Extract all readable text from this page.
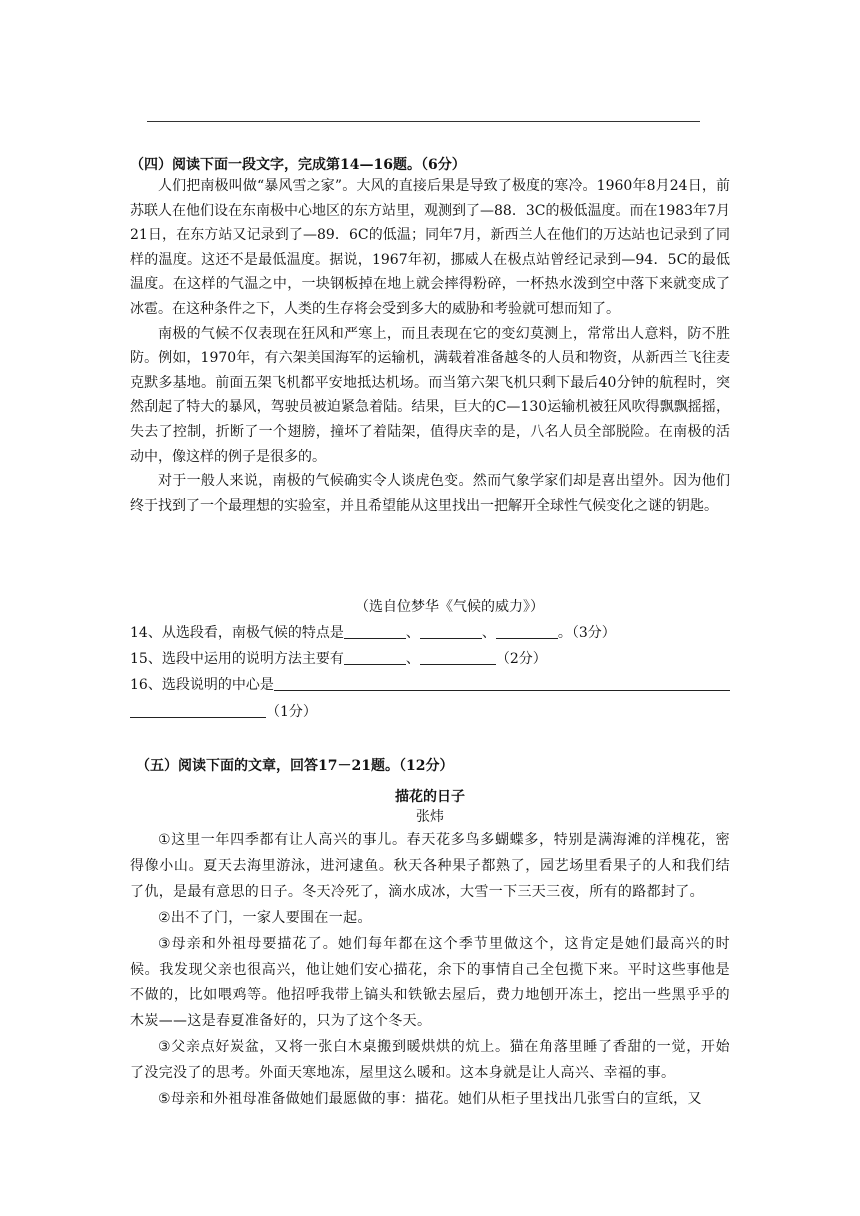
（四）阅读下面一段文字，完成第14—16题。（6分）

人们把南极叫做“暴风雪之家”。大风的直接后果是导致了极度的寒冷。1960年8月24日，前苏联人在他们设在东南极中心地区的东方站里，观测到了—88．3C的极低温度。而在1983年7月21日，在东方站又记录到了—89．6C的低温；同年7月，新西兰人在他们的万达站也记录到了同样的温度。这还不是最低温度。据说，1967年初，挪威人在极点站曾经记录到—94．5C的最低温度。在这样的气温之中，一块钢板掉在地上就会摔得粉碎，一杯热水泼到空中落下来就变成了冰雹。在这种条件之下，人类的生存将会受到多大的威胁和考验就可想而知了。

南极的气候不仅表现在狂风和严寒上，而且表现在它的变幻莫测上，常常出人意料，防不胜防。例如，1970年，有六架美国海军的运输机，满载着准备越冬的人员和物资，从新西兰飞往麦克默多基地。前面五架飞机都平安地抵达机场。而当第六架飞机只剩下最后40分钟的航程时，突然刮起了特大的暴风，驾驶员被迫紧急着陆。结果，巨大的C—130运输机被狂风吹得飘飘摇摇，失去了控制，折断了一个翅膀，撞坏了着陆架，值得庆幸的是，八名人员全部脱险。在南极的活动中，像这样的例子是很多的。

对于一般人来说，南极的气候确实令人谈虎色变。然而气象学家们却是喜出望外。因为他们终于找到了一个最理想的实验室，并且希望能从这里找出一把解开全球性气候变化之谜的钥匙。

（选自位梦华《气候的威力》）
14、从选段看，南极气候的特点是	、	、	。（3分）
15、选段中运用的说明方法主要有	、	（2分）
16、选段说明的中心是
（1分）
（五）阅读下面的文章，回答17－21题。（12分）
描花的日子
张炜

①这里一年四季都有让人高兴的事儿。春天花多鸟多蝴蝶多，特别是满海滩的洋槐花，密得像小山。夏天去海里游泳，进河逮鱼。秋天各种果子都熟了，园艺场里看果子的人和我们结了仇，是最有意思的日子。冬天冷死了，滴水成冰，大雪一下三天三夜，所有的路都封了。

②出不了门，一家人要围在一起。

③母亲和外祖母要描花了。她们每年都在这个季节里做这个，这肯定是她们最高兴的时候。我发现父亲也很高兴，他让她们安心描花，余下的事情自己全包揽下来。平时这些事他是不做的，比如喂鸡等。他招呼我带上镐头和铁锨去屋后，费力地刨开冻土，挖出一些黑乎乎的木炭——这是春夏准备好的，只为了这个冬天。

③父亲点好炭盆，又将一张白木桌搬到暖烘烘的炕上。猫在角落里睡了香甜的一觉，开始了没完没了的思考。外面天寒地冻，屋里这么暖和。这本身就是让人高兴、幸福的事。

⑤母亲和外祖母准备做她们最愿做的事：描花。她们从柜子里找出几张雪白的宣纸，又
